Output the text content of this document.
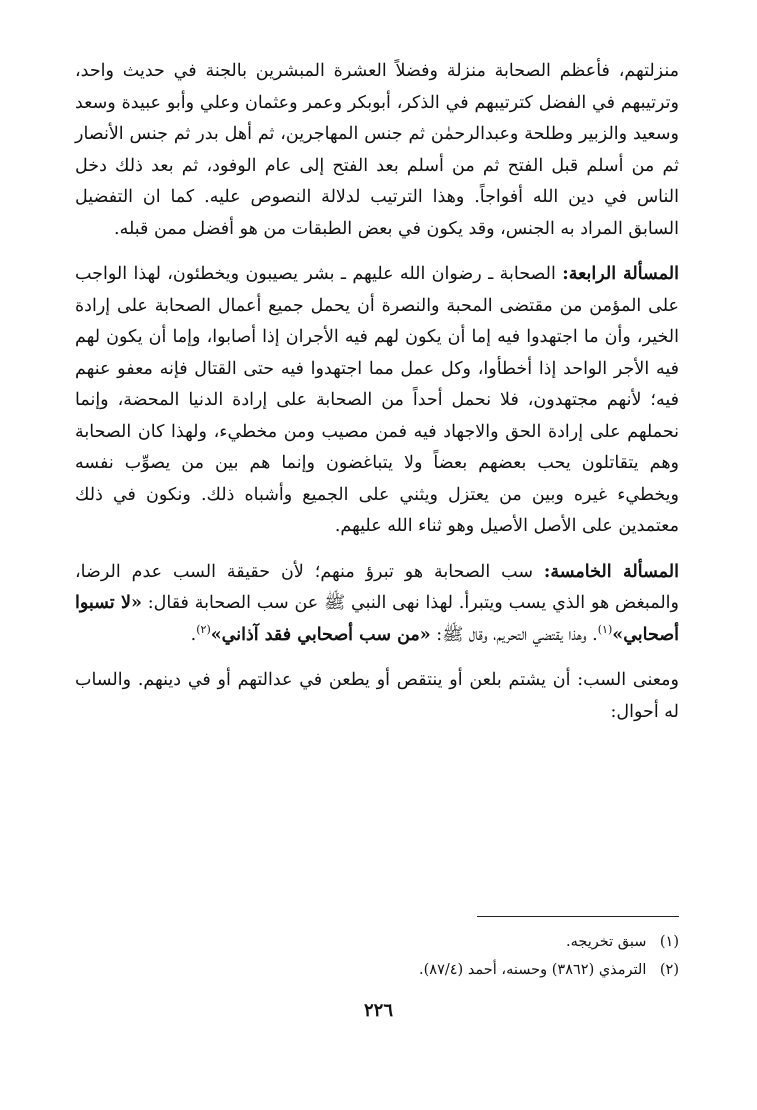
منزلتهم، فأعظم الصحابة منزلة وفضلاً العشرة المبشرين بالجنة في حديث واحد، وترتيبهم في الفضل كترتيبهم في الذكر، أبوبكر وعمر وعثمان وعلي وأبو عبيدة وسعد وسعيد والزبير وطلحة وعبدالرحمٰن ثم جنس المهاجرين، ثم أهل بدر ثم جنس الأنصار ثم من أسلم قبل الفتح ثم من أسلم بعد الفتح إلى عام الوفود، ثم بعد ذلك دخل الناس في دين الله أفواجاً. وهذا الترتيب لدلالة النصوص عليه. كما ان التفضيل السابق المراد به الجنس، وقد يكون في بعض الطبقات من هو أفضل ممن قبله.

المسألة الرابعة: الصحابة ـ رضوان الله عليهم ـ بشر يصيبون ويخطئون، لهذا الواجب على المؤمن من مقتضى المحبة والنصرة أن يحمل جميع أعمال الصحابة على إرادة الخير، وأن ما اجتهدوا فيه إما أن يكون لهم فيه الأجران إذا أصابوا، وإما أن يكون لهم فيه الأجر الواحد إذا أخطأوا، وكل عمل مما اجتهدوا فيه حتى القتال فإنه معفو عنهم فيه؛ لأنهم مجتهدون، فلا نحمل أحداً من الصحابة على إرادة الدنيا المحضة، وإنما نحملهم على إرادة الحق والاجهاد فيه فمن مصيب ومن مخطيء، ولهذا كان الصحابة وهم يتقاتلون يحب بعضهم بعضاً ولا يتباغضون وإنما هم بين من يصوِّب نفسه ويخطيء غيره وبين من يعتزل ويثني على الجميع وأشباه ذلك. ونكون في ذلك معتمدين على الأصل الأصيل وهو ثناء الله عليهم.

المسألة الخامسة: سب الصحابة هو تبرؤ منهم؛ لأن حقيقة السب عدم الرضا، والمبغض هو الذي يسب ويتبرأ. لهذا نهى النبي ﷺ عن سب الصحابة فقال: «لا تسبوا أصحابي»$^{(١)}$. وهذا يقتضي التحريم، وقال ﷺ: «من سب أصحابي فقد آذاني»$^{(٢)}$.

ومعنى السب: أن يشتم بلعن أو ينتقص أو يطعن في عدالتهم أو في دينهم. والساب له أحوال:

(١) سبق تخريجه.

(٢) الترمذي (٣٨٦٢) وحسنه، أحمد (٨٧/٤).

٢٢٦
